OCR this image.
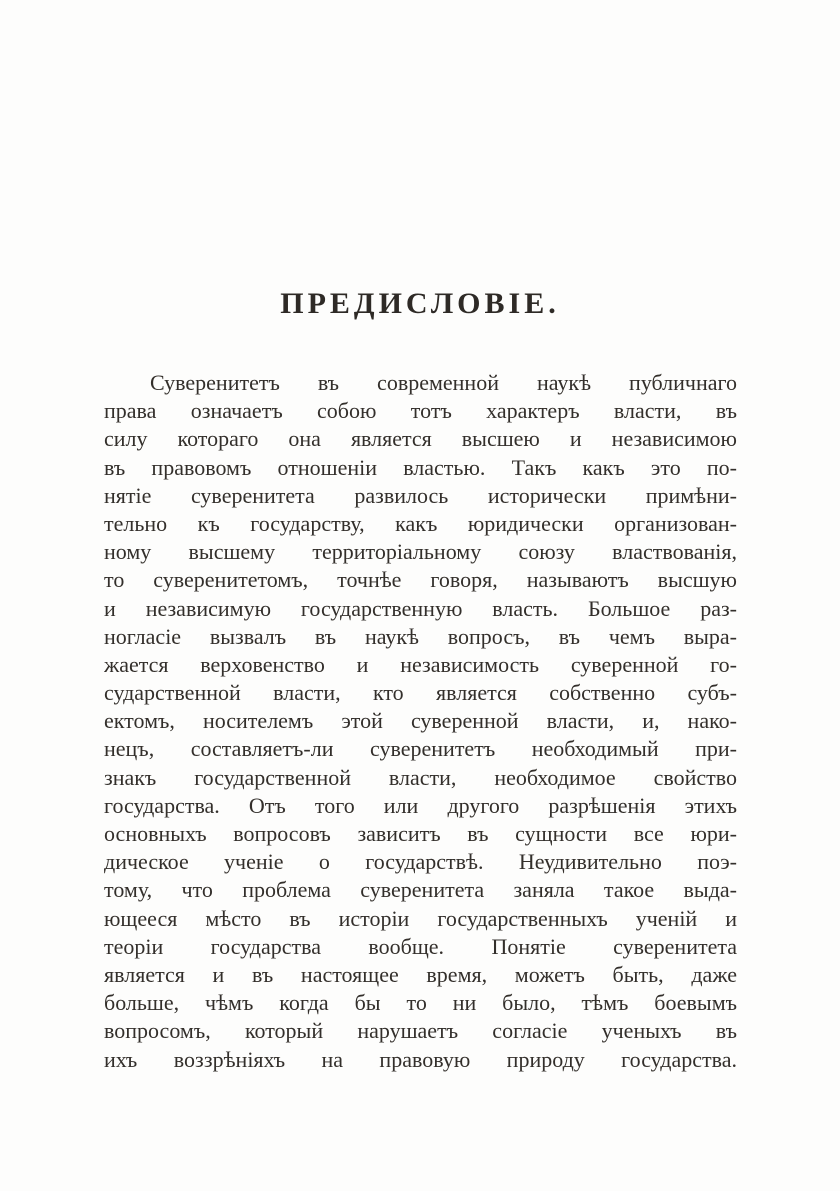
ПРЕДИСЛОВІЕ.
Суверенитетъ въ современной наукѣ публичнаго
права означаетъ собою тотъ характеръ власти, въ
силу котораго она является высшею и независимою
въ правовомъ отношеніи властью. Такъ какъ это по-
нятіе суверенитета развилось исторически примѣни-
тельно къ государству, какъ юридически организован-
ному высшему территоріальному союзу властвованія,
то суверенитетомъ, точнѣе говоря, называютъ высшую
и независимую государственную власть. Большое раз-
ногласіе вызвалъ въ наукѣ вопросъ, въ чемъ выра-
жается верховенство и независимость суверенной го-
сударственной власти, кто является собственно субъ-
ектомъ, носителемъ этой суверенной власти, и, нако-
нецъ, составляетъ-ли суверенитетъ необходимый при-
знакъ государственной власти, необходимое свойство
государства. Отъ того или другого разрѣшенія этихъ
основныхъ вопросовъ зависитъ въ сущности все юри-
дическое ученіе о государствѣ. Неудивительно поэ-
тому, что проблема суверенитета заняла такое выда-
ющееся мѣсто въ исторіи государственныхъ ученій и
теоріи государства вообще. Понятіе суверенитета
является и въ настоящее время, можетъ быть, даже
больше, чѣмъ когда бы то ни было, тѣмъ боевымъ
вопросомъ, который нарушаетъ согласіе ученыхъ въ
ихъ воззрѣніяхъ на правовую природу государства.
